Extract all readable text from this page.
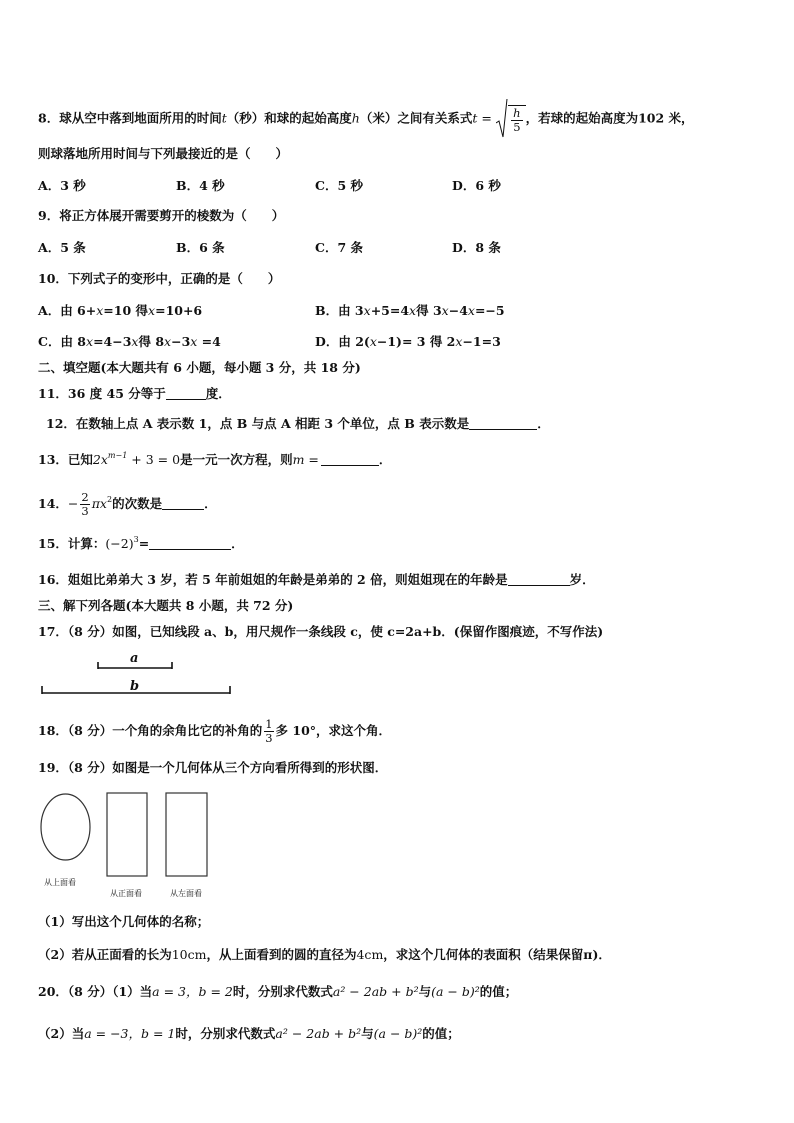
8．球从空中落到地面所用的时间t（秒）和球的起始高度h（米）之间有关系式$t = \frac{h}{5}$ ，若球的起始高度为102 米，
则球落地所用时间与下列最接近的是（　　）
A．3 秒	B．4 秒	C．5 秒	D．6 秒
9．将正方体展开需要剪开的棱数为（　　）
A．5 条	B．6 条	C．7 条	D．8 条
10．下列式子的变形中，正确的是（　　）
A．由 6+x=10 得x=10+6	B．由 3x+5=4x得 3x−4x=−5
C．由 8x=4−3x得 8x−3x =4	D．由 2(x−1)= 3 得 2x−1=3
二、填空题(本大题共有 6 小题，每小题 3 分，共 18 分)
11．36 度 45 分等于	度．
12．在数轴上点 A 表示数 1，点 B 与点 A 相距 3 个单位，点 B 表示数是	．
13．已知$2x^{m-1} + 3 = 0$是一元一次方程，则m =	．
14．− $\frac{2}{3} \pi x^2$的次数是	．
15．计算：$(-2)^3=$	．
16．姐姐比弟弟大 3 岁，若 5 年前姐姐的年龄是弟弟的 2 倍，则姐姐现在的年龄是	岁．
三、解下列各题(本大题共 8 小题，共 72 分)
17．（8 分）如图，已知线段 a、b，用尺规作一条线段 c，使 c=2a+b．(保留作图痕迹，不写作法)
a
b
18．（8 分）一个角的余角比它的补角的 $\frac{1}{3}$ 多 10°，求这个角．
19．（8 分）如图是一个几何体从三个方向看所得到的形状图．
从上面看
从正面看	从左面看
（1）写出这个几何体的名称；
（2）若从正面看的长为10cm，从上面看到的圆的直径为4cm，求这个几何体的表面积（结果保留π)．
20．（8 分）（1）当a = 3，b = 2时，分别求代数式a² − 2ab + b²与(a − b)²的值；
（2）当a = −3，b = 1时，分别求代数式a² − 2ab + b²与(a − b)²的值；
